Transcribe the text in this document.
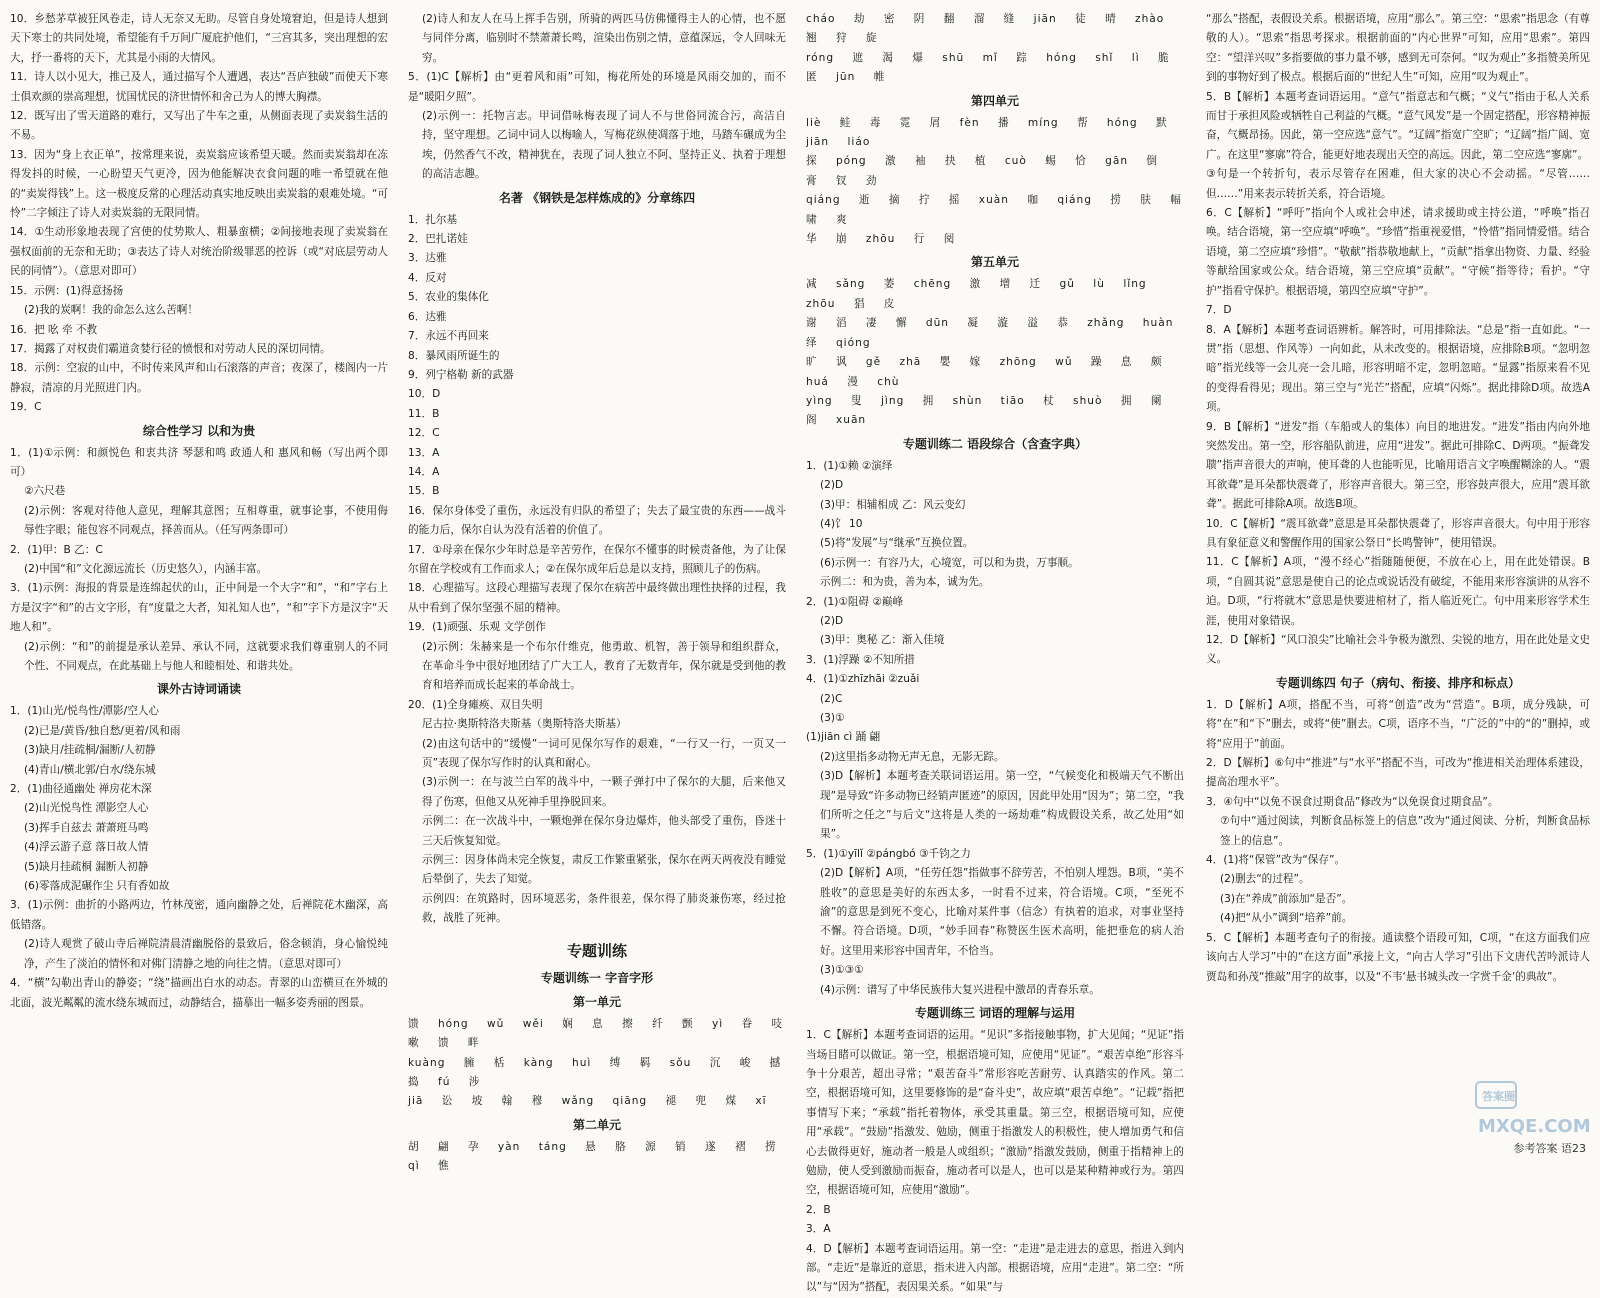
10．乡愁茅草被狂风卷走，诗人无奈又无助。尽管自身处境窘迫，但是诗人想到天下寒士的共同处境，希望能有千万间广厦庇护他们，“三宫其多，突出理想的宏大，抒一番将的天下，尤其是小雨的大情风。
11．诗人以小见大，推己及人，通过描写个人遭遇，表达“吾庐独破”而使天下寒士俱欢颜的崇高理想，忧国忧民的济世情怀和舍己为人的博大胸襟。
12．既写出了雪天道路的难行，又写出了牛车之重，从侧面表现了卖炭翁生活的不易。
13．因为“身上衣正单”，按常理来说，卖炭翁应该希望天暖。然而卖炭翁却在冻得发抖的时候，一心盼望天气更冷，因为他能解决衣食问题的唯一希望就在他的“卖炭得钱”上。这一极度反常的心理活动真实地反映出卖炭翁的艰难处境。“可怜”二字倾注了诗人对卖炭翁的无限同情。
14．①生动形象地表现了宫使的仗势欺人、粗暴蛮横；②间接地表现了卖炭翁在强权面前的无奈和无助；③表达了诗人对统治阶级罪恶的控诉（或“对底层劳动人民的同情”）。（意思对即可）
15．示例：(1)得意扬扬
(2)我的炭啊！我的命怎么这么苦啊！
16．把 吆 牵 不教
17．揭露了对权贵们霸道贪婪行径的愤恨和对劳动人民的深切同情。
18．示例：空寂的山中，不时传来风声和山石滚落的声音；夜深了，楼阁内一片静寂，清凉的月光照进门内。
19．C
综合性学习 以和为贵
1．(1)①示例：和颜悦色 和衷共济 琴瑟和鸣 政通人和 惠风和畅（写出两个即可）
②六尺巷
(2)示例：客观对待他人意见，理解其意图；互相尊重，就事论事，不使用侮辱性字眼；能包容不同观点，择善而从。（任写两条即可）
2．(1)甲：B 乙：C
(2)中国“和”文化源远流长（历史悠久），内涵丰富。
3．(1)示例：海报的背景是连绵起伏的山，正中间是一个大字“和”，“和”字右上方是汉字“和”的古文字形，有“度量之大者，知礼知人也”，“和”字下方是汉字“天地人和”。
(2)示例：“和”的前提是承认差异、承认不同，这就要求我们尊重别人的不同个性、不同观点，在此基础上与他人和睦相处、和谐共处。
课外古诗词诵读
1．(1)山光/悦鸟性/潭影/空人心
(2)已是/黄昏/独自愁/更着/风和雨
(3)缺月/挂疏桐/漏断/人初静
(4)青山/横北郭/白水/绕东城
2．(1)曲径通幽处 禅房花木深
(2)山光悦鸟性 潭影空人心
(3)挥手自兹去 萧萧班马鸣
(4)浮云游子意 落日故人情
(5)缺月挂疏桐 漏断人初静
(6)零落成泥碾作尘 只有香如故
3．(1)示例：曲折的小路两边，竹林茂密，通向幽静之处，后禅院花木幽深，高低错落。
(2)诗人观赏了破山寺后禅院清晨清幽脱俗的景致后，俗念顿消，身心愉悦纯净，产生了淡泊的情怀和对佛门清静之地的向往之情。（意思对即可）
4．“横”勾勒出青山的静姿；“绕”描画出白水的动态。青翠的山峦横亘在外城的北面，波光粼粼的流水绕东城而过，动静结合，描摹出一幅多姿秀丽的图景。
(2)诗人和友人在马上挥手告别，所骑的两匹马仿佛懂得主人的心情，也不愿与同伴分离，临别时不禁萧萧长鸣，渲染出伤别之情，意蕴深远，令人回味无穷。
5．(1)C【解析】由“更着风和雨”可知，梅花所处的环境是风雨交加的，而不是“暖阳夕照”。
(2)示例一：托物言志。甲词借咏梅表现了词人不与世俗同流合污，高洁自持，坚守理想。乙词中词人以梅喻人，写梅花纵使凋落于地，马踏车碾成为尘埃，仍然香气不改，精神犹在，表现了词人独立不阿、坚持正义、执着于理想的高洁志趣。
名著 《钢铁是怎样炼成的》分章练四
1．扎尔基
2．巴扎诺娃
3．达雅
4．反对
5．农业的集体化
6．达雅
7．永远不再回来
8．暴风雨所诞生的
9．列宁格勒 新的武器
10．D
11．B
12．C
13．A
14．A
15．B
16．保尔身体受了重伤，永远没有归队的希望了；失去了最宝贵的东西——战斗的能力后，保尔自认为没有活着的价值了。
17．①母亲在保尔少年时总是辛苦劳作，在保尔不懂事的时候责备他，为了让保尔留在学校或有工作而求人；②在保尔成年后总是以支持，照顾儿子的伤病。
18．心理描写。这段心理描写表现了保尔在病苦中最终做出理性抉择的过程，我从中看到了保尔坚强不屈的精神。
19．(1)顽强、乐观 文学创作
(2)示例：朱赫来是一个布尔什维克，他勇敢、机智，善于领导和组织群众，在革命斗争中很好地团结了广大工人，教育了无数青年，保尔就是受到他的教育和培养而成长起来的革命战士。
20．(1)全身瘫痪、双目失明
尼古拉·奥斯特洛夫斯基（奥斯特洛夫斯基）
(2)由这句话中的“缓慢”一词可见保尔写作的艰难，“一行又一行，一页又一页”表现了保尔写作时的认真和耐心。
(3)示例一：在与波兰白军的战斗中，一颗子弹打中了保尔的大腿，后来他又得了伤寒，但他又从死神手里挣脱回来。
示例二：在一次战斗中，一颗炮弹在保尔身边爆炸，他头部受了重伤，昏迷十三天后恢复知觉。
示例三：因身体尚未完全恢复，肃反工作繁重紧张，保尔在两天两夜没有睡觉后晕倒了，失去了知觉。
示例四：在筑路时，因环境恶劣，条件很差，保尔得了肺炎兼伤寒，经过抢救，战胜了死神。
专题训练
专题训练一 字音字形
第一单元
馈 hóng wǔ wěi 娴 息 擦 纤 颤 yì 眷 吱 嗽 馈 畔
kuàng 臃 栝 kàng huì 缚 羁 sǒu 沉 峻 撼 捣 fú 涉
jiā 讼 坡 翰 穆 wǎng qiāng 褪 兜 煤 xī
第二单元
胡 翩 孕 yàn táng 悬 胳 源 销 遂 褶 捞 qì 憔
cháo 劫 密 阴 翻 溜 缝 jiān 徒 晴 zhào 翘 狩 旋
róng 遮 渴 爆 shū mǐ 踪 hóng shǐ lì 脆 匿 jūn 帷
第四单元
liè 鲑 毒 霓 屑 fèn 播 míng 帮 hóng 默 jiān liáo
探 póng 激 袖 抉 植 cuò 蜴 恰 gān 倒 膏 钗 劲
qiáng 逝 摘 拧 摇 xuàn 咖 qiáng 捞 肤 幅 啸 爽
华 崩 zhōu 行 阅
第五单元
减 sǎng 萎 chēng 激 增 迁 gǔ lù lǐng zhōu 猖 皮
谢 滔 凄 懈 dūn 凝 漩 溢 恭 zhǎng huàn 绎 qióng
旷 讽 gě zhā 嬰 嫁 zhōng wǔ 躁 息 颇 huá 漫 chù
yìng 叟 jìng 拥 shùn tiāo 杖 shuò 拥 阑 阁 xuān
专题训练二 语段综合（含查字典）
1．(1)①赖 ②演绎
(2)D
(3)甲：相辅相成 乙：风云变幻
(4)饣 10
(5)将“发展”与“继承”互换位置。
(6)示例一：有容乃大，心境宽，可以和为贵，万事顺。
示例二：和为贵，善为本，诚为先。
2．(1)①阻碍 ②巅峰
(2)D
(3)甲：奥秘 乙：渐入佳境
3．(1)浮躁 ②不知所措
4．(1)①zhīzhāi ②zuǎi
(2)C
(3)①
(1)jiān cì 踊 翩
(2)这里指多动物无声无息，无影无踪。
(3)D【解析】本题考查关联词语运用。第一空，“气候变化和极端天气不断出现”是导致“许多动物已经销声匿迹”的原因，因此甲处用“因为”；第二空，“我们所听之任之”与后文“这将是人类的一场劫难”构成假设关系，故乙处用“如果”。
5．(1)①yīlǐ ②pángbó ③千钧之力
(2)D【解析】A项，“任劳任怨”指做事不辞劳苦，不怕别人埋怨。B项，“美不胜收”的意思是美好的东西太多，一时看不过来，符合语境。C项，“至死不渝”的意思是到死不变心，比喻对某件事（信念）有执着的追求，对事业坚持不懈。符合语境。D项，“妙手回春”称赞医生医术高明，能把垂危的病人治好。这里用来形容中国青年，不恰当。
(3)①③①
(4)示例：谱写了中华民族伟大复兴进程中激昂的青春乐章。
专题训练三 词语的理解与运用
1．C【解析】本题考查词语的运用。“见识”多指接触事物，扩大见闻；“见证”指当场目睹可以做证。第一空，根据语境可知，应使用“见证”。“艰苦卓绝”形容斗争十分艰苦，超出寻常；“艰苦奋斗”常形容吃苦耐劳、认真踏实的作风。第二空，根据语境可知，这里要修饰的是“奋斗史”，故应填“艰苦卓绝”。“记载”指把事情写下来；“承载”指托着物体，承受其重量。第三空，根据语境可知，应使用“承载”。“鼓励”指激发、勉励，侧重于指激发人的积极性，使人增加勇气和信心去做得更好，施动者一般是人或组织；“激励”指激发鼓励，侧重于指精神上的勉励，使人受到激励而振奋，施动者可以是人，也可以是某种精神或行为。第四空，根据语境可知，应使用“激励”。
2．B
3．A
4．D【解析】本题考查词语运用。第一空：“走进”是走进去的意思，指进入到内部。“走近”是靠近的意思，指未进入内部。根据语境，应用“走进”。第二空：“所以”与“因为”搭配，表因果关系。“如果”与
“那么”搭配，表假设关系。根据语境，应用“那么”。第三空：“思索”指思念（有尊敬的人）。“思索”指思考探求。根据前面的“内心世界”可知，应用“思索”。第四空：“望洋兴叹”多指要做的事力量不够，感到无可奈何。“叹为观止”多指赞美所见到的事物好到了极点。根据后面的“世纪人生”可知，应用“叹为观止”。
5．B【解析】本题考查词语运用。“意气”指意志和气概；“义气”指由于私人关系而甘于承担风险或牺牲自己利益的气概。“意气风发”是一个固定搭配，形容精神振奋，气概昂扬。因此，第一空应选“意气”。“辽阔”指宽广空旷；“辽阔”指广阔、宽广。在这里“寥廓”符合，能更好地表现出天空的高远。因此，第二空应选“寥廓”。
③句是一个转折句，表示尽管存在困难，但大家的决心不会动摇。“尽管……但……”用来表示转折关系，符合语境。
6．C【解析】“呼吁”指向个人或社会申述，请求援助或主持公道，“呼唤”指召唤。结合语境，第一空应填“呼唤”。“珍惜”指重视爱惜，“怜惜”指同情爱惜。结合语境，第二空应填“珍惜”。“敬献”指恭敬地献上，“贡献”指拿出物资、力量、经验等献给国家或公众。结合语境，第三空应填“贡献”。“守候”指等待；看护。“守护”指看守保护。根据语境，第四空应填“守护”。
7．D
8．A【解析】本题考查词语辨析。解答时，可用排除法。“总是”指一直如此。“一贯”指（思想、作风等）一向如此，从未改变的。根据语境，应排除B项。“忽明忽暗”指光线等一会儿亮一会儿暗，形容明暗不定，忽明忽暗。“显露”指原来看不见的变得看得见；现出。第三空与“光芒”搭配，应填“闪烁”。据此排除D项。故选A项。
9．B【解析】“迸发”指（车船或人的集体）向目的地进发。“进发”指由内向外地突然发出。第一空，形容船队前进，应用“进发”。据此可排除C、D两项。“振聋发聩”指声音很大的声响，使耳聋的人也能听见，比喻用语言文字唤醒糊涂的人。“震耳欲聋”是耳朵都快震聋了，形容声音很大。第三空，形容鼓声很大，应用“震耳欲聋”。据此可排除A项。故选B项。
10．C【解析】“震耳欲聋”意思是耳朵都快震聋了，形容声音很大。句中用于形容具有象征意义和警醒作用的国家公祭日“长鸣警钟”，使用错误。
11．C【解析】A项，“漫不经心”指随随便便，不放在心上，用在此处错误。B项，“自圆其说”意思是使自己的论点或说话没有破绽，不能用来形容演讲的从容不迫。D项，“行将就木”意思是快要进棺材了，指人临近死亡。句中用来形容学术生涯，使用对象错误。
12．D【解析】“风口浪尖”比喻社会斗争极为激烈、尖锐的地方，用在此处是文史义。
专题训练四 句子（病句、衔接、排序和标点）
1．D【解析】A项，搭配不当，可将“创造”改为“营造”。B项，成分残缺，可将“在”和“下”删去，或将“使”删去。C项，语序不当，“广泛的”中的“的”删掉，或将“应用于”前面。
2．D【解析】⑥句中“推进”与“水平”搭配不当，可改为“推进相关治理体系建设，提高治理水平”。
3．④句中“以免不误食过期食品”修改为“以免误食过期食品”。
⑦句中“通过阅读，判断食品标签上的信息”改为“通过阅读、分析，判断食品标签上的信息”。
4．(1)将“保管”改为“保存”。
(2)删去“的过程”。
(3)在“养成”前添加“是否”。
(4)把“从小”调到“培养”前。
5．C【解析】本题考查句子的衔接。通读整个语段可知，C项，“在这方面我们应该向古人学习”中的“在这方面”承接上文，“向古人学习”引出下文唐代苦吟派诗人贾岛和孙茂“推敲”用字的故事，以及“不韦‘悬书城头改一字赏千金’的典故”。
答案圈
MXQE.COM
参考答案 语23
